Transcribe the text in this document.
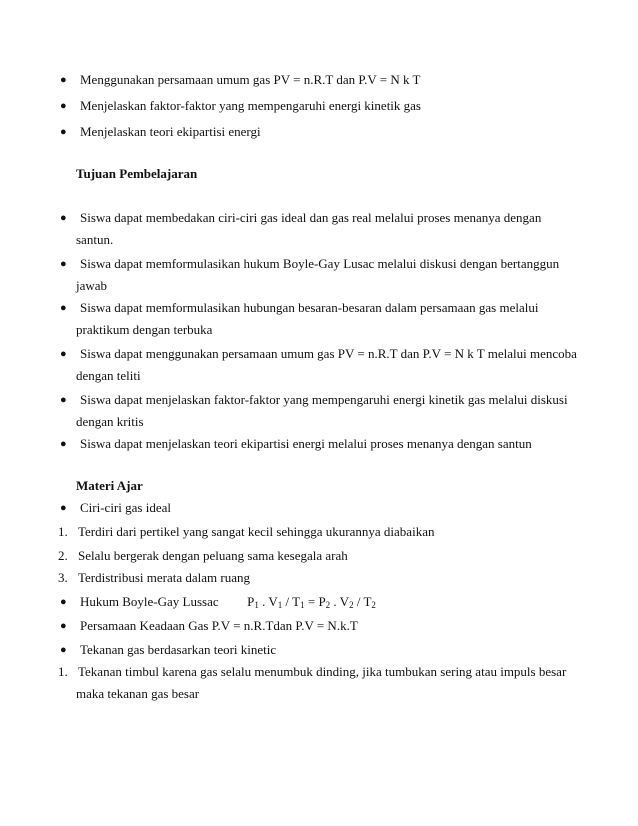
● Menggunakan persamaan umum gas PV = n.R.T dan P.V = N k T
● Menjelaskan faktor-faktor yang mempengaruhi energi kinetik gas
● Menjelaskan teori ekipartisi energi
Tujuan Pembelajaran
● Siswa dapat membedakan ciri-ciri gas ideal dan gas real melalui proses menanya dengan
santun.
● Siswa dapat memformulasikan hukum Boyle-Gay Lusac melalui diskusi dengan bertanggun
jawab
● Siswa dapat memformulasikan hubungan besaran-besaran dalam persamaan gas melalui
praktikum dengan terbuka
● Siswa dapat menggunakan persamaan umum gas PV = n.R.T dan P.V = N k T melalui mencoba
dengan teliti
● Siswa dapat menjelaskan faktor-faktor yang mempengaruhi energi kinetik gas melalui diskusi
dengan kritis
● Siswa dapat menjelaskan teori ekipartisi energi melalui proses menanya dengan santun
Materi Ajar
● Ciri-ciri gas ideal
1. Terdiri dari pertikel yang sangat kecil sehingga ukurannya diabaikan
2. Selalu bergerak dengan peluang sama kesegala arah
3. Terdistribusi merata dalam ruang
● Hukum Boyle-Gay Lussac $P_1$ . $V_1 / T_1 = P_2$ . $V_2 / T_2$
● Persamaan Keadaan Gas P.V = n.R.Tdan P.V = N.k.T
● Tekanan gas berdasarkan teori kinetic
1. Tekanan timbul karena gas selalu menumbuk dinding, jika tumbukan sering atau impuls besar
maka tekanan gas besar
